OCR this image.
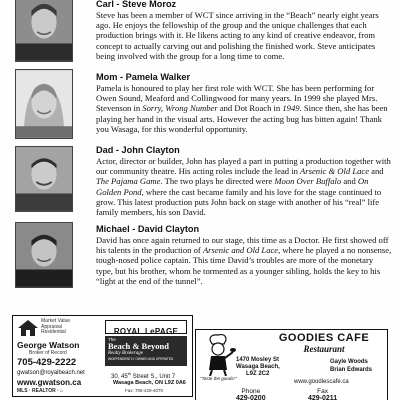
Carl - Steve Moroz

Steve has been a member of WCT since arriving in the “Beach” nearly eight years ago. He enjoys the fellowship of the group and the unique challenges that each production brings with it. He likens acting to any kind of creative endeavor, from concept to actually carving out and polishing the finished work. Steve anticipates being involved with the group for a long time to come.

Mom - Pamela Walker

Pamela is honoured to play her first role with WCT. She has been performing for Owen Sound, Meaford and Collingwood for many years. In 1999 she played Mrs. Stevenson in Sorry, Wrong Number and Dot Roach in 1949. Since then, she has been playing her hand in the visual arts. However the acting bug has bitten again! Thank you Wasaga, for this wonderful opportunity.

Dad - John Clayton

Actor, director or builder, John has played a part in putting a production together with our community theatre. His acting roles include the lead in Arsenic & Old Lace and The Pajama Game. The two plays he directed were Moon Over Buffalo and On Golden Pond, where the cast became family and his love for the stage continued to grow. This latest production puts John back on stage with another of his “real” life family members, his son David.

Michael - David Clayton

David has once again returned to our stage, this time as a Doctor. He first showed off his talents in the production of Arsenic and Old Lace, where he played a no nonsense, tough-nosed police captain. This time David’s troubles are more of the monetary type, but his brother, whom he tormented as a younger sibling, holds the key to his “light at the end of the tunnel”.

Market Value
Appraisal
Residential
George Watson
Broker of Record
705-429-2222
gwatson@royalbeach.net
www.gwatson.ca
MLS · REALTOR · ⌂
ROYAL LePAGE
The
Beach & Beyond
Realty Brokerage
INDEPENDENTLY OWNED AND OPERATED
30, 45th Street S., Unit 7
Wasaga Beach, ON L9Z 0A6
Fax: 705-429-4070
GOODIES CAFE
Restaurant
"Taste the goods!"
1470 Mosley St
Wasaga Beach,
L9Z 2C2
Gayle Woods
Brian Edwards
www.goodiescafe.ca
Phone
429-0200
Fax
429-0211
